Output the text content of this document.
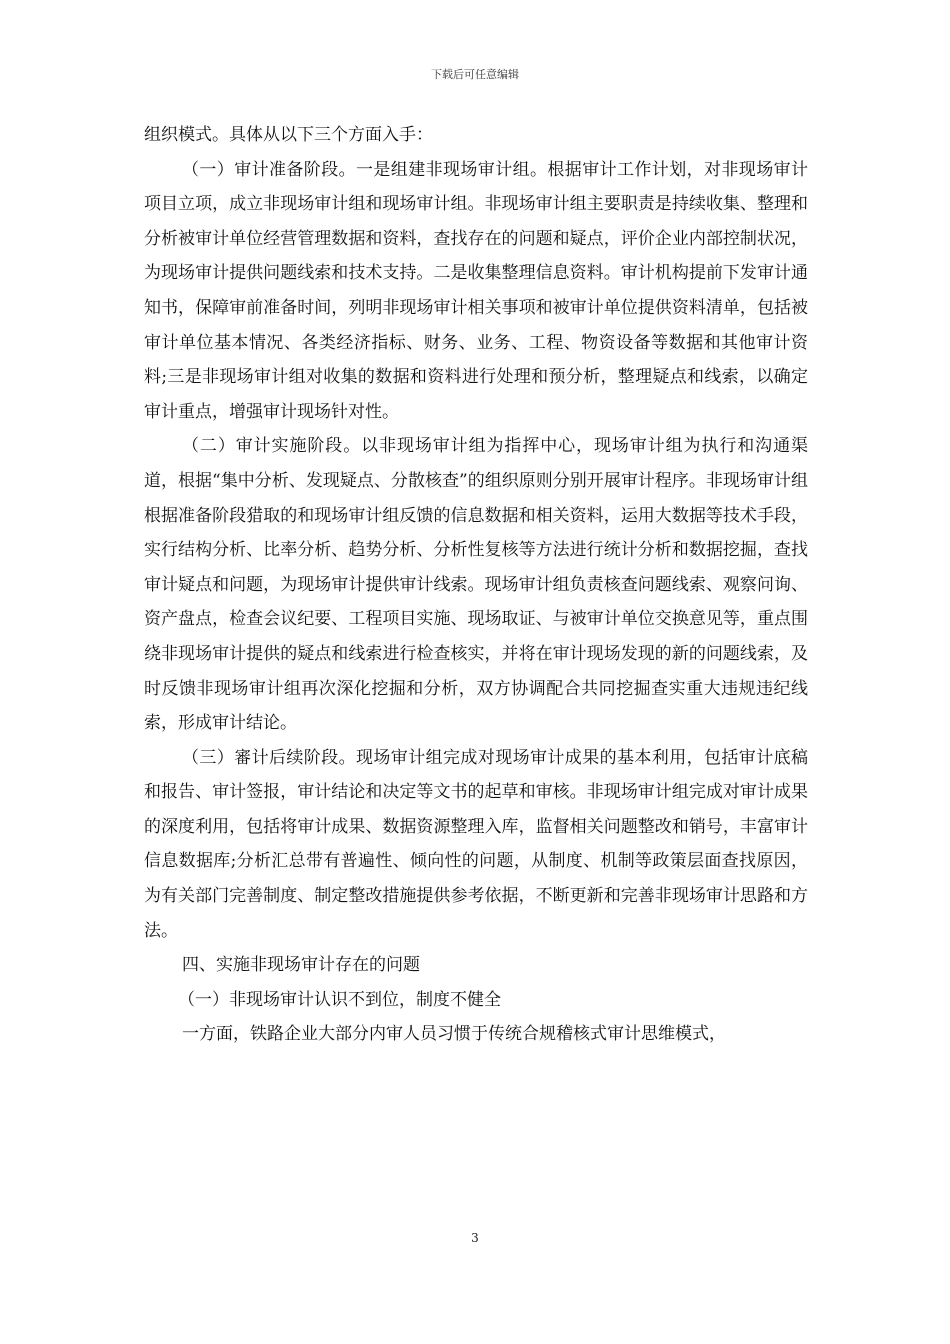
下载后可任意编辑

组织模式。具体从以下三个方面入手：

（一）审计准备阶段。一是组建非现场审计组。根据审计工作计划，对非现场审计项目立项，成立非现场审计组和现场审计组。非现场审计组主要职责是持续收集、整理和分析被审计单位经营管理数据和资料，查找存在的问题和疑点，评价企业内部控制状况，为现场审计提供问题线索和技术支持。二是收集整理信息资料。审计机构提前下发审计通知书，保障审前准备时间，列明非现场审计相关事项和被审计单位提供资料清单，包括被审计单位基本情况、各类经济指标、财务、业务、工程、物资设备等数据和其他审计资料;三是非现场审计组对收集的数据和资料进行处理和预分析，整理疑点和线索，以确定审计重点，增强审计现场针对性。

（二）审计实施阶段。以非现场审计组为指挥中心，现场审计组为执行和沟通渠道，根据“集中分析、发现疑点、分散核查”的组织原则分别开展审计程序。非现场审计组根据准备阶段猎取的和现场审计组反馈的信息数据和相关资料，运用大数据等技术手段，实行结构分析、比率分析、趋势分析、分析性复核等方法进行统计分析和数据挖掘，查找审计疑点和问题，为现场审计提供审计线索。现场审计组负责核查问题线索、观察问询、资产盘点，检查会议纪要、工程项目实施、现场取证、与被审计单位交换意见等，重点围绕非现场审计提供的疑点和线索进行检查核实，并将在审计现场发现的新的问题线索，及时反馈非现场审计组再次深化挖掘和分析，双方协调配合共同挖掘查实重大违规违纪线索，形成审计结论。

（三）審计后续阶段。现场审计组完成对现场审计成果的基本利用，包括审计底稿和报告、审计签报，审计结论和决定等文书的起草和审核。非现场审计组完成对审计成果的深度利用，包括将审计成果、数据资源整理入库，监督相关问题整改和销号，丰富审计信息数据库;分析汇总带有普遍性、倾向性的问题，从制度、机制等政策层面查找原因，为有关部门完善制度、制定整改措施提供参考依据，不断更新和完善非现场审计思路和方法。

四、实施非现场审计存在的问题

（一）非现场审计认识不到位，制度不健全

一方面，铁路企业大部分内审人员习惯于传统合规稽核式审计思维模式，

3
